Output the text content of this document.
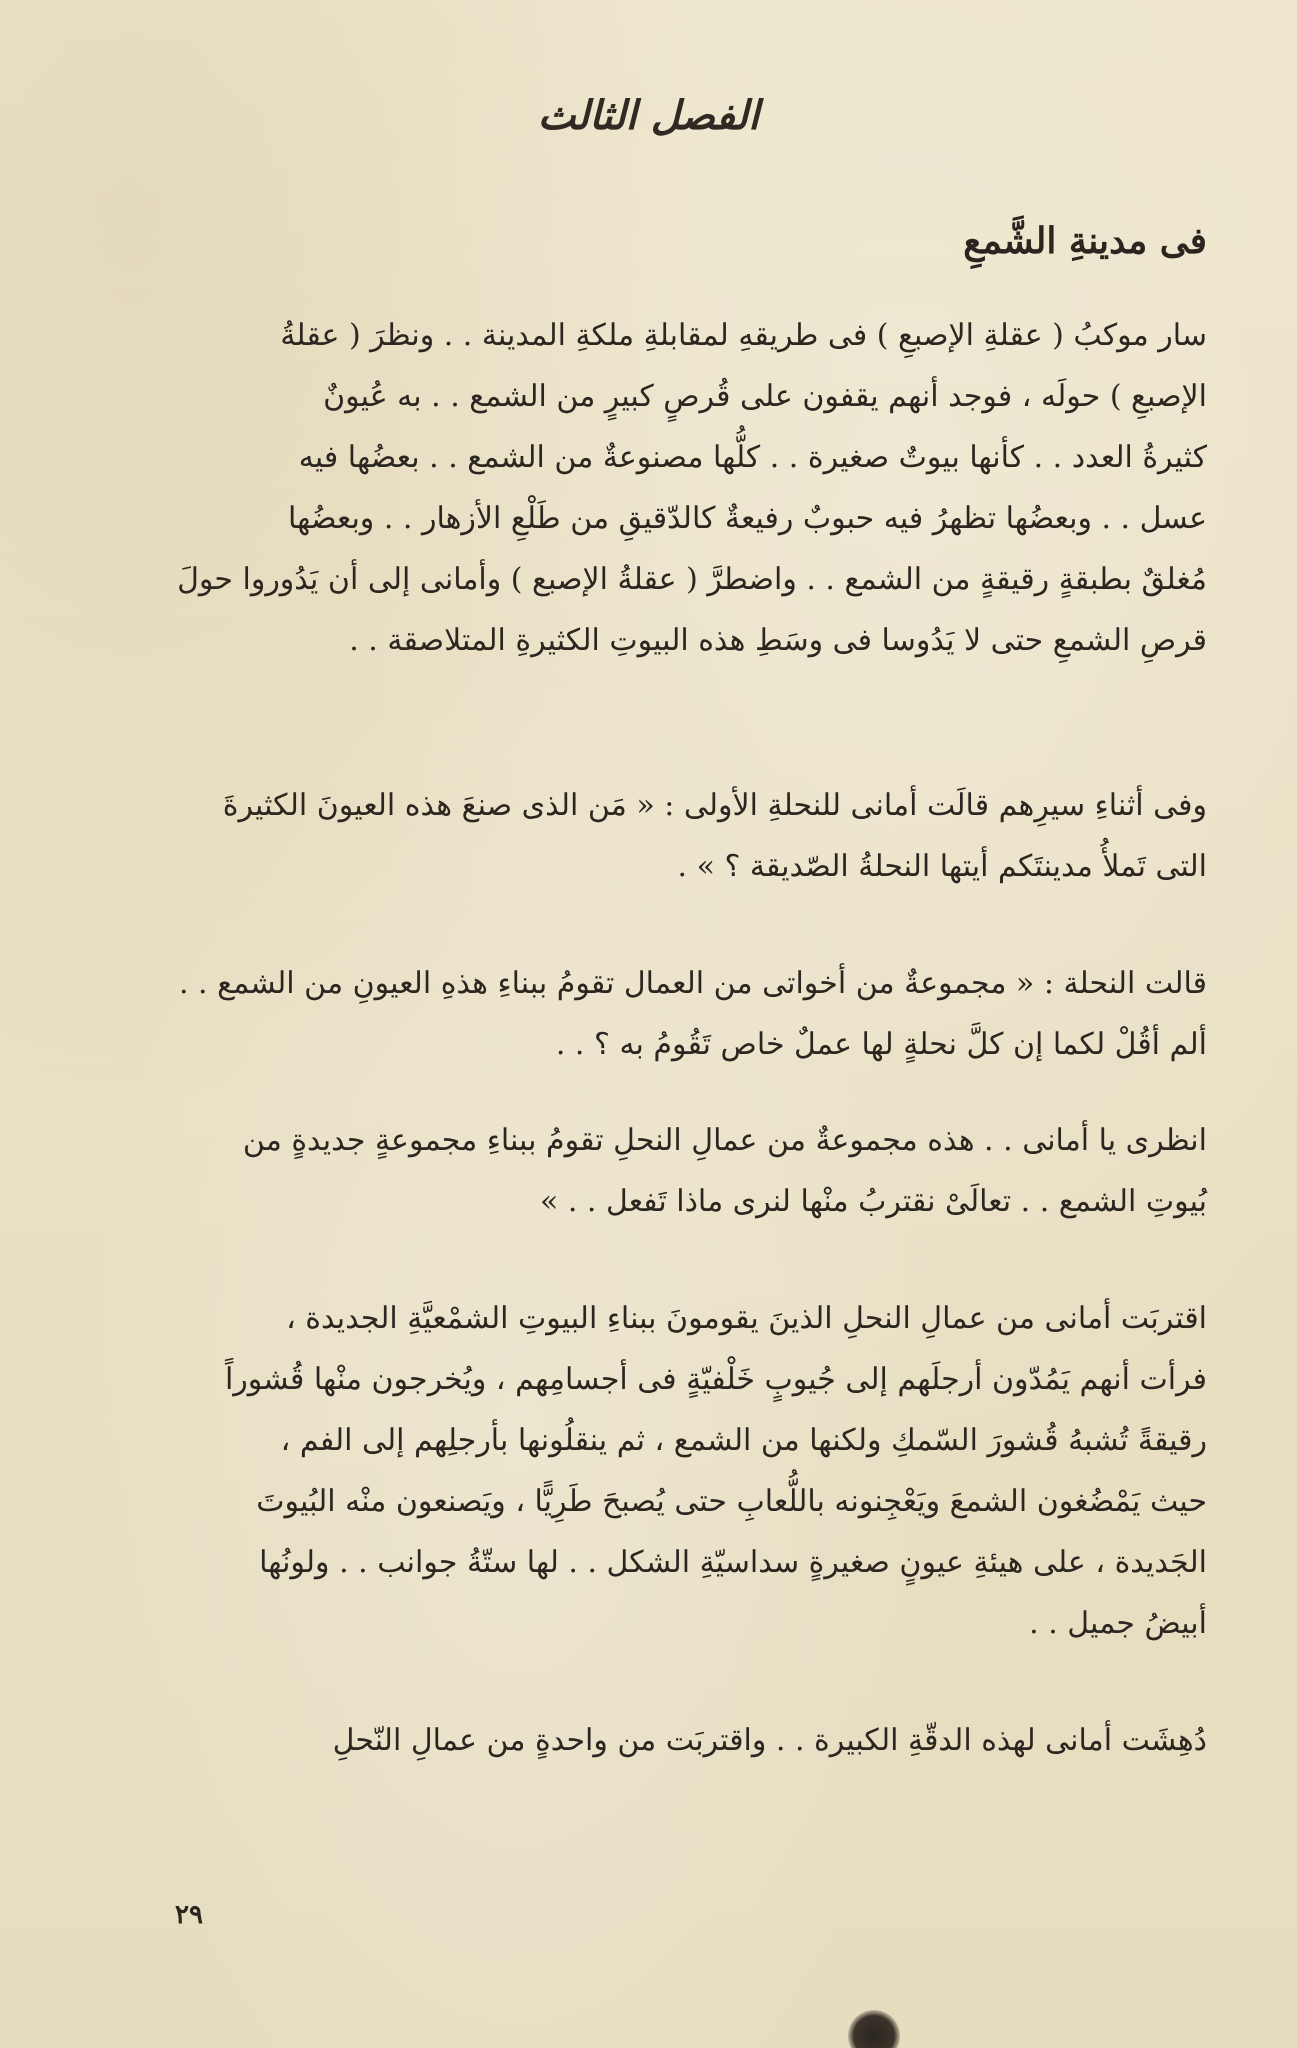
الفصل الثالث
فى مدينةِ الشَّمعِ
سار موكبُ ( عقلةِ الإصبعِ ) فى طريقهِ لمقابلةِ ملكةِ المدينة . . ونظرَ ( عقلةُ
الإصبعِ ) حولَه ، فوجد أنهم يقفون على قُرصٍ كبيرٍ من الشمع . . به عُيونٌ
كثيرةُ العدد . . كأنها بيوتٌ صغيرة . . كلُّها مصنوعةٌ من الشمع . . بعضُها فيه
عسل . . وبعضُها تظهرُ فيه حبوبٌ رفيعةٌ كالدّقيقِ من طَلْعِ الأزهار . . وبعضُها
مُغلقٌ بطبقةٍ رقيقةٍ من الشمع . . واضطرَّ ( عقلةُ الإصبع ) وأمانى إلى أن يَدُوروا حولَ
قرصِ الشمعِ حتى لا يَدُوسا فى وسَطِ هذه البيوتِ الكثيرةِ المتلاصقة . .
وفى أثناءِ سيرِهم قالَت أمانى للنحلةِ الأولى : « مَن الذى صنعَ هذه العيونَ الكثيرةَ
التى تَملأُ مدينتَكم أيتها النحلةُ الصّديقة ؟ » .
قالت النحلة : « مجموعةٌ من أخواتى من العمال تقومُ ببناءِ هذهِ العيونِ من الشمع . .
ألم أقُلْ لكما إن كلَّ نحلةٍ لها عملٌ خاص تَقُومُ به ؟ . .
انظرى يا أمانى . . هذه مجموعةٌ من عمالِ النحلِ تقومُ ببناءِ مجموعةٍ جديدةٍ من
بُيوتِ الشمع . . تعالَىْ نقتربُ منْها لنرى ماذا تَفعل . . »
اقتربَت أمانى من عمالِ النحلِ الذينَ يقومونَ ببناءِ البيوتِ الشمْعيَّةِ الجديدة ،
فرأت أنهم يَمُدّون أرجلَهم إلى جُيوبٍ خَلْفيّةٍ فى أجسامِهم ، ويُخرجون منْها قُشوراً
رقيقةً تُشبهُ قُشورَ السّمكِ ولكنها من الشمع ، ثم ينقلُونها بأرجلِهم إلى الفم ،
حيث يَمْضُغون الشمعَ ويَعْجِنونه باللُّعابِ حتى يُصبحَ طَرِيًّا ، ويَصنعون منْه البُيوتَ
الجَديدة ، على هيئةِ عيونٍ صغيرةٍ سداسيّةِ الشكل . . لها ستّةُ جوانب . . ولونُها
أبيضُ جميل . .
دُهِشَت أمانى لهذه الدقّةِ الكبيرة . . واقتربَت من واحدةٍ من عمالِ النّحلِ
٢٩
